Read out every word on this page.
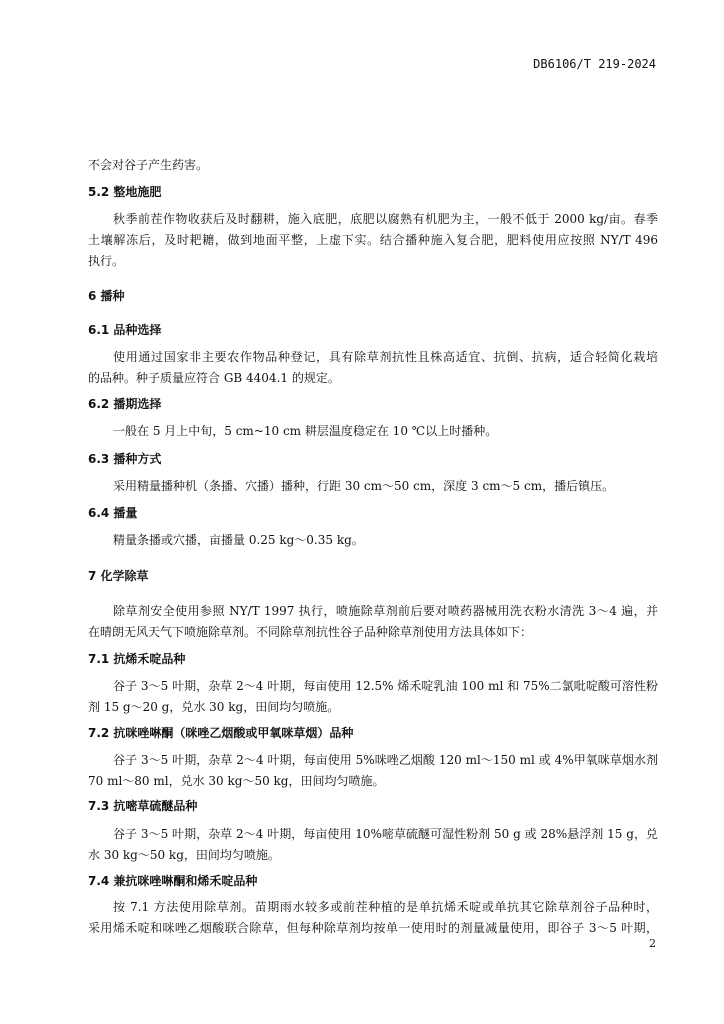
DB6106/T 219-2024
不会对谷子产生药害。
5.2 整地施肥
秋季前茬作物收获后及时翻耕，施入底肥，底肥以腐熟有机肥为主，一般不低于 2000 kg/亩。春季
土壤解冻后，及时耙耱，做到地面平整，上虚下实。结合播种施入复合肥，肥料使用应按照 NY/T 496
执行。
6 播种
6.1 品种选择
使用通过国家非主要农作物品种登记，具有除草剂抗性且株高适宜、抗倒、抗病，适合轻简化栽培
的品种。种子质量应符合 GB 4404.1 的规定。
6.2 播期选择
一般在 5 月上中旬，5 cm~10 cm 耕层温度稳定在 10 ℃以上时播种。
6.3 播种方式
采用精量播种机（条播、穴播）播种，行距 30 cm～50 cm，深度 3 cm～5 cm，播后镇压。
6.4 播量
精量条播或穴播，亩播量 0.25 kg～0.35 kg。
7 化学除草
除草剂安全使用参照 NY/T 1997 执行，喷施除草剂前后要对喷药器械用洗衣粉水清洗 3～4 遍，并
在晴朗无风天气下喷施除草剂。不同除草剂抗性谷子品种除草剂使用方法具体如下：
7.1 抗烯禾啶品种
谷子 3～5 叶期，杂草 2～4 叶期，每亩使用 12.5% 烯禾啶乳油 100 ml 和 75%二氯吡啶酸可溶性粉
剂 15 g～20 g，兑水 30 kg，田间均匀喷施。
7.2 抗咪唑啉酮（咪唑乙烟酸或甲氧咪草烟）品种
谷子 3～5 叶期，杂草 2～4 叶期，每亩使用 5%咪唑乙烟酸 120 ml～150 ml 或 4%甲氧咪草烟水剂
70 ml～80 ml，兑水 30 kg～50 kg，田间均匀喷施。
7.3 抗嘧草硫醚品种
谷子 3～5 叶期，杂草 2～4 叶期，每亩使用 10%嘧草硫醚可湿性粉剂 50 g 或 28%悬浮剂 15 g，兑
水 30 kg～50 kg，田间均匀喷施。
7.4 兼抗咪唑啉酮和烯禾啶品种
按 7.1 方法使用除草剂。苗期雨水较多或前茬种植的是单抗烯禾啶或单抗其它除草剂谷子品种时，
采用烯禾啶和咪唑乙烟酸联合除草，但每种除草剂均按单一使用时的剂量减量使用，即谷子 3～5 叶期，
2
